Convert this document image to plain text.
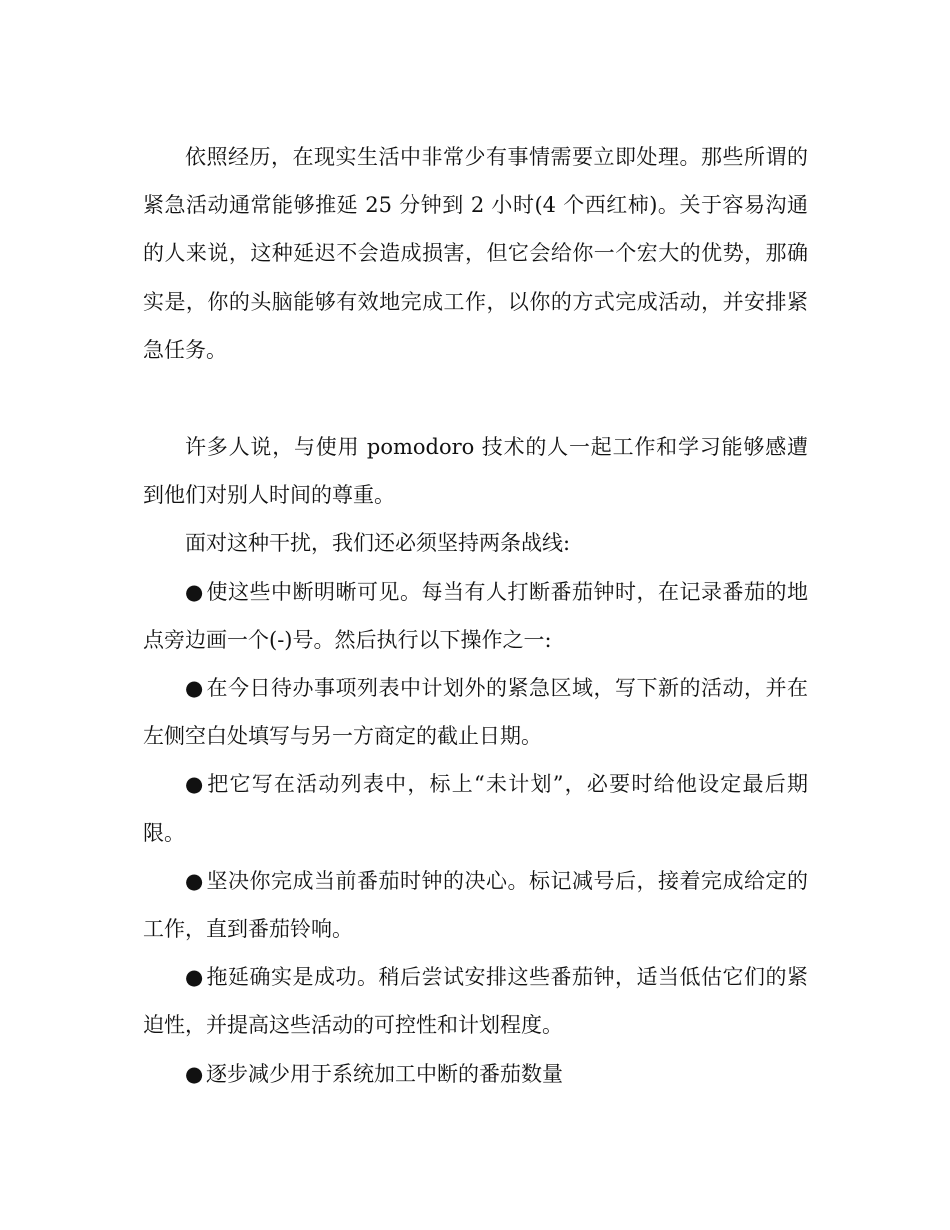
依照经历，在现实生活中非常少有事情需要立即处理。那些所谓的紧急活动通常能够推延 25 分钟到 2 小时(4 个西红柿)。关于容易沟通的人来说，这种延迟不会造成损害，但它会给你一个宏大的优势，那确实是，你的头脑能够有效地完成工作，以你的方式完成活动，并安排紧急任务。

许多人说，与使用 pomodoro 技术的人一起工作和学习能够感遭到他们对别人时间的尊重。

面对这种干扰，我们还必须坚持两条战线:

● 使这些中断明晰可见。每当有人打断番茄钟时，在记录番茄的地点旁边画一个(-)号。然后执行以下操作之一:

● 在今日待办事项列表中计划外的紧急区域，写下新的活动，并在左侧空白处填写与另一方商定的截止日期。

● 把它写在活动列表中，标上“未计划”，必要时给他设定最后期限。

● 坚决你完成当前番茄时钟的决心。标记减号后，接着完成给定的工作，直到番茄铃响。

● 拖延确实是成功。稍后尝试安排这些番茄钟，适当低估它们的紧迫性，并提高这些活动的可控性和计划程度。

● 逐步减少用于系统加工中断的番茄数量
